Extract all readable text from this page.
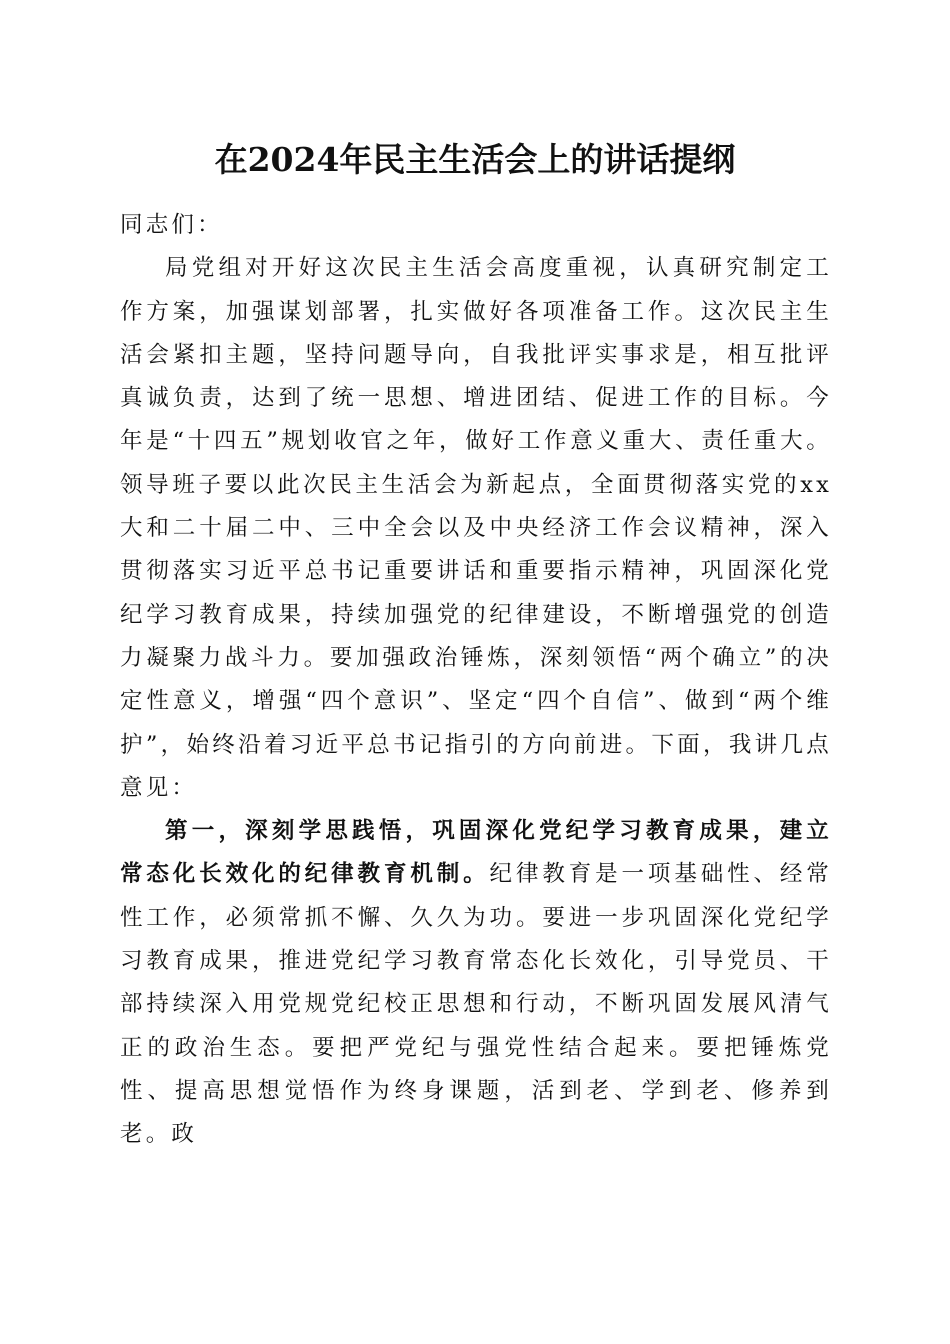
在2024年民主生活会上的讲话提纲

同志们：

局党组对开好这次民主生活会高度重视，认真研究制定工作方案，加强谋划部署，扎实做好各项准备工作。这次民主生活会紧扣主题，坚持问题导向，自我批评实事求是，相互批评真诚负责，达到了统一思想、增进团结、促进工作的目标。今年是“十四五”规划收官之年，做好工作意义重大、责任重大。领导班子要以此次民主生活会为新起点，全面贯彻落实党的xx大和二十届二中、三中全会以及中央经济工作会议精神，深入贯彻落实习近平总书记重要讲话和重要指示精神，巩固深化党纪学习教育成果，持续加强党的纪律建设，不断增强党的创造力凝聚力战斗力。要加强政治锤炼，深刻领悟“两个确立”的决定性意义，增强“四个意识”、坚定“四个自信”、做到“两个维护”，始终沿着习近平总书记指引的方向前进。下面，我讲几点意见：

第一，深刻学思践悟，巩固深化党纪学习教育成果，建立常态化长效化的纪律教育机制。纪律教育是一项基础性、经常性工作，必须常抓不懈、久久为功。要进一步巩固深化党纪学习教育成果，推进党纪学习教育常态化长效化，引导党员、干部持续深入用党规党纪校正思想和行动，不断巩固发展风清气正的政治生态。要把严党纪与强党性结合起来。要把锤炼党性、提高思想觉悟作为终身课题，活到老、学到老、修养到老。政
